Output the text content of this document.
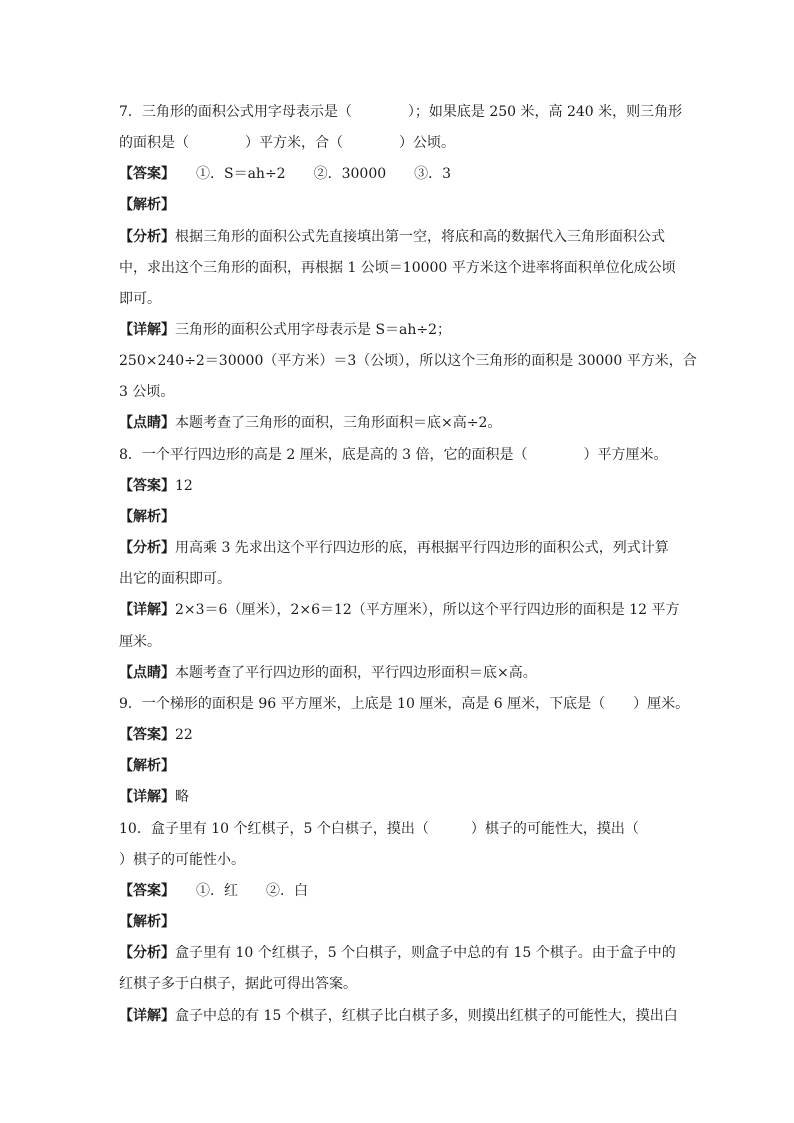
7．三角形的面积公式用字母表示是（　　　　）；如果底是 250 米，高 240 米，则三角形
的面积是（　　　　）平方米，合（　　　　）公顷。
【答案】　　①．S＝ah÷2　　②．30000　　③．3
【解析】
【分析】根据三角形的面积公式先直接填出第一空，将底和高的数据代入三角形面积公式
中，求出这个三角形的面积，再根据 1 公顷＝10000 平方米这个进率将面积单位化成公顷
即可。
【详解】三角形的面积公式用字母表示是 S＝ah÷2；
250×240÷2＝30000（平方米）＝3（公顷），所以这个三角形的面积是 30000 平方米，合
3 公顷。
【点睛】本题考查了三角形的面积，三角形面积＝底×高÷2。
8．一个平行四边形的高是 2 厘米，底是高的 3 倍，它的面积是（　　　　）平方厘米。
【答案】12
【解析】
【分析】用高乘 3 先求出这个平行四边形的底，再根据平行四边形的面积公式，列式计算
出它的面积即可。
【详解】2×3＝6（厘米），2×6＝12（平方厘米），所以这个平行四边形的面积是 12 平方
厘米。
【点睛】本题考查了平行四边形的面积，平行四边形面积＝底×高。
9．一个梯形的面积是 96 平方厘米，上底是 10 厘米，高是 6 厘米，下底是（　　）厘米。
【答案】22
【解析】
【详解】略
10．盒子里有 10 个红棋子，5 个白棋子，摸出（　　　）棋子的可能性大，摸出（
）棋子的可能性小。
【答案】　　①．红　　②．白
【解析】
【分析】盒子里有 10 个红棋子，5 个白棋子，则盒子中总的有 15 个棋子。由于盒子中的
红棋子多于白棋子，据此可得出答案。
【详解】盒子中总的有 15 个棋子，红棋子比白棋子多，则摸出红棋子的可能性大，摸出白
